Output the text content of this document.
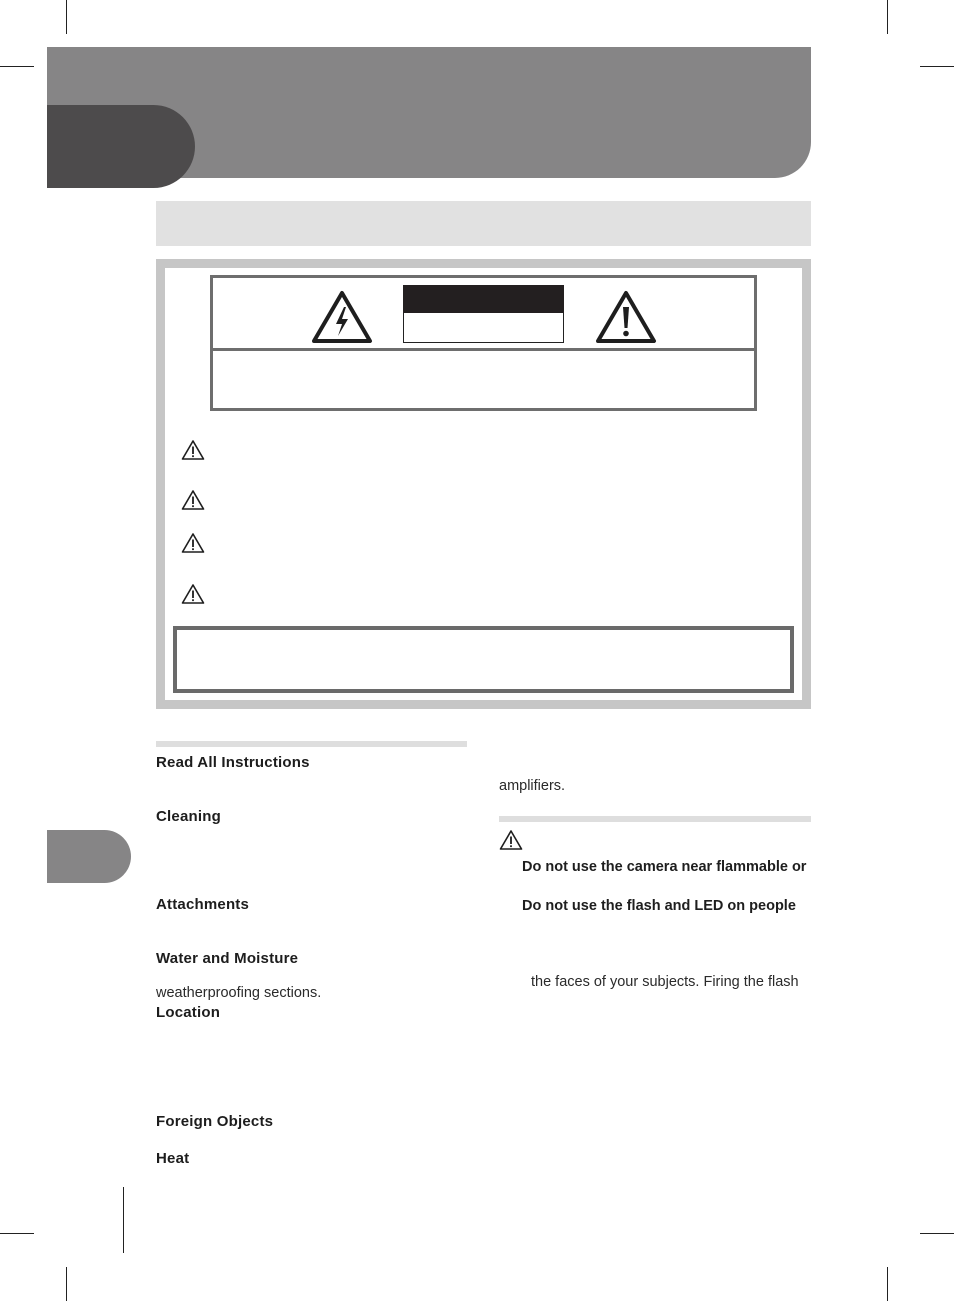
Read All Instructions
Cleaning
Attachments
Water and Moisture
weatherproofing sections.
Location
Foreign Objects
Heat
amplifiers.
Do not use the camera near flammable or
Do not use the flash and LED on people
the faces of your subjects. Firing the flash
